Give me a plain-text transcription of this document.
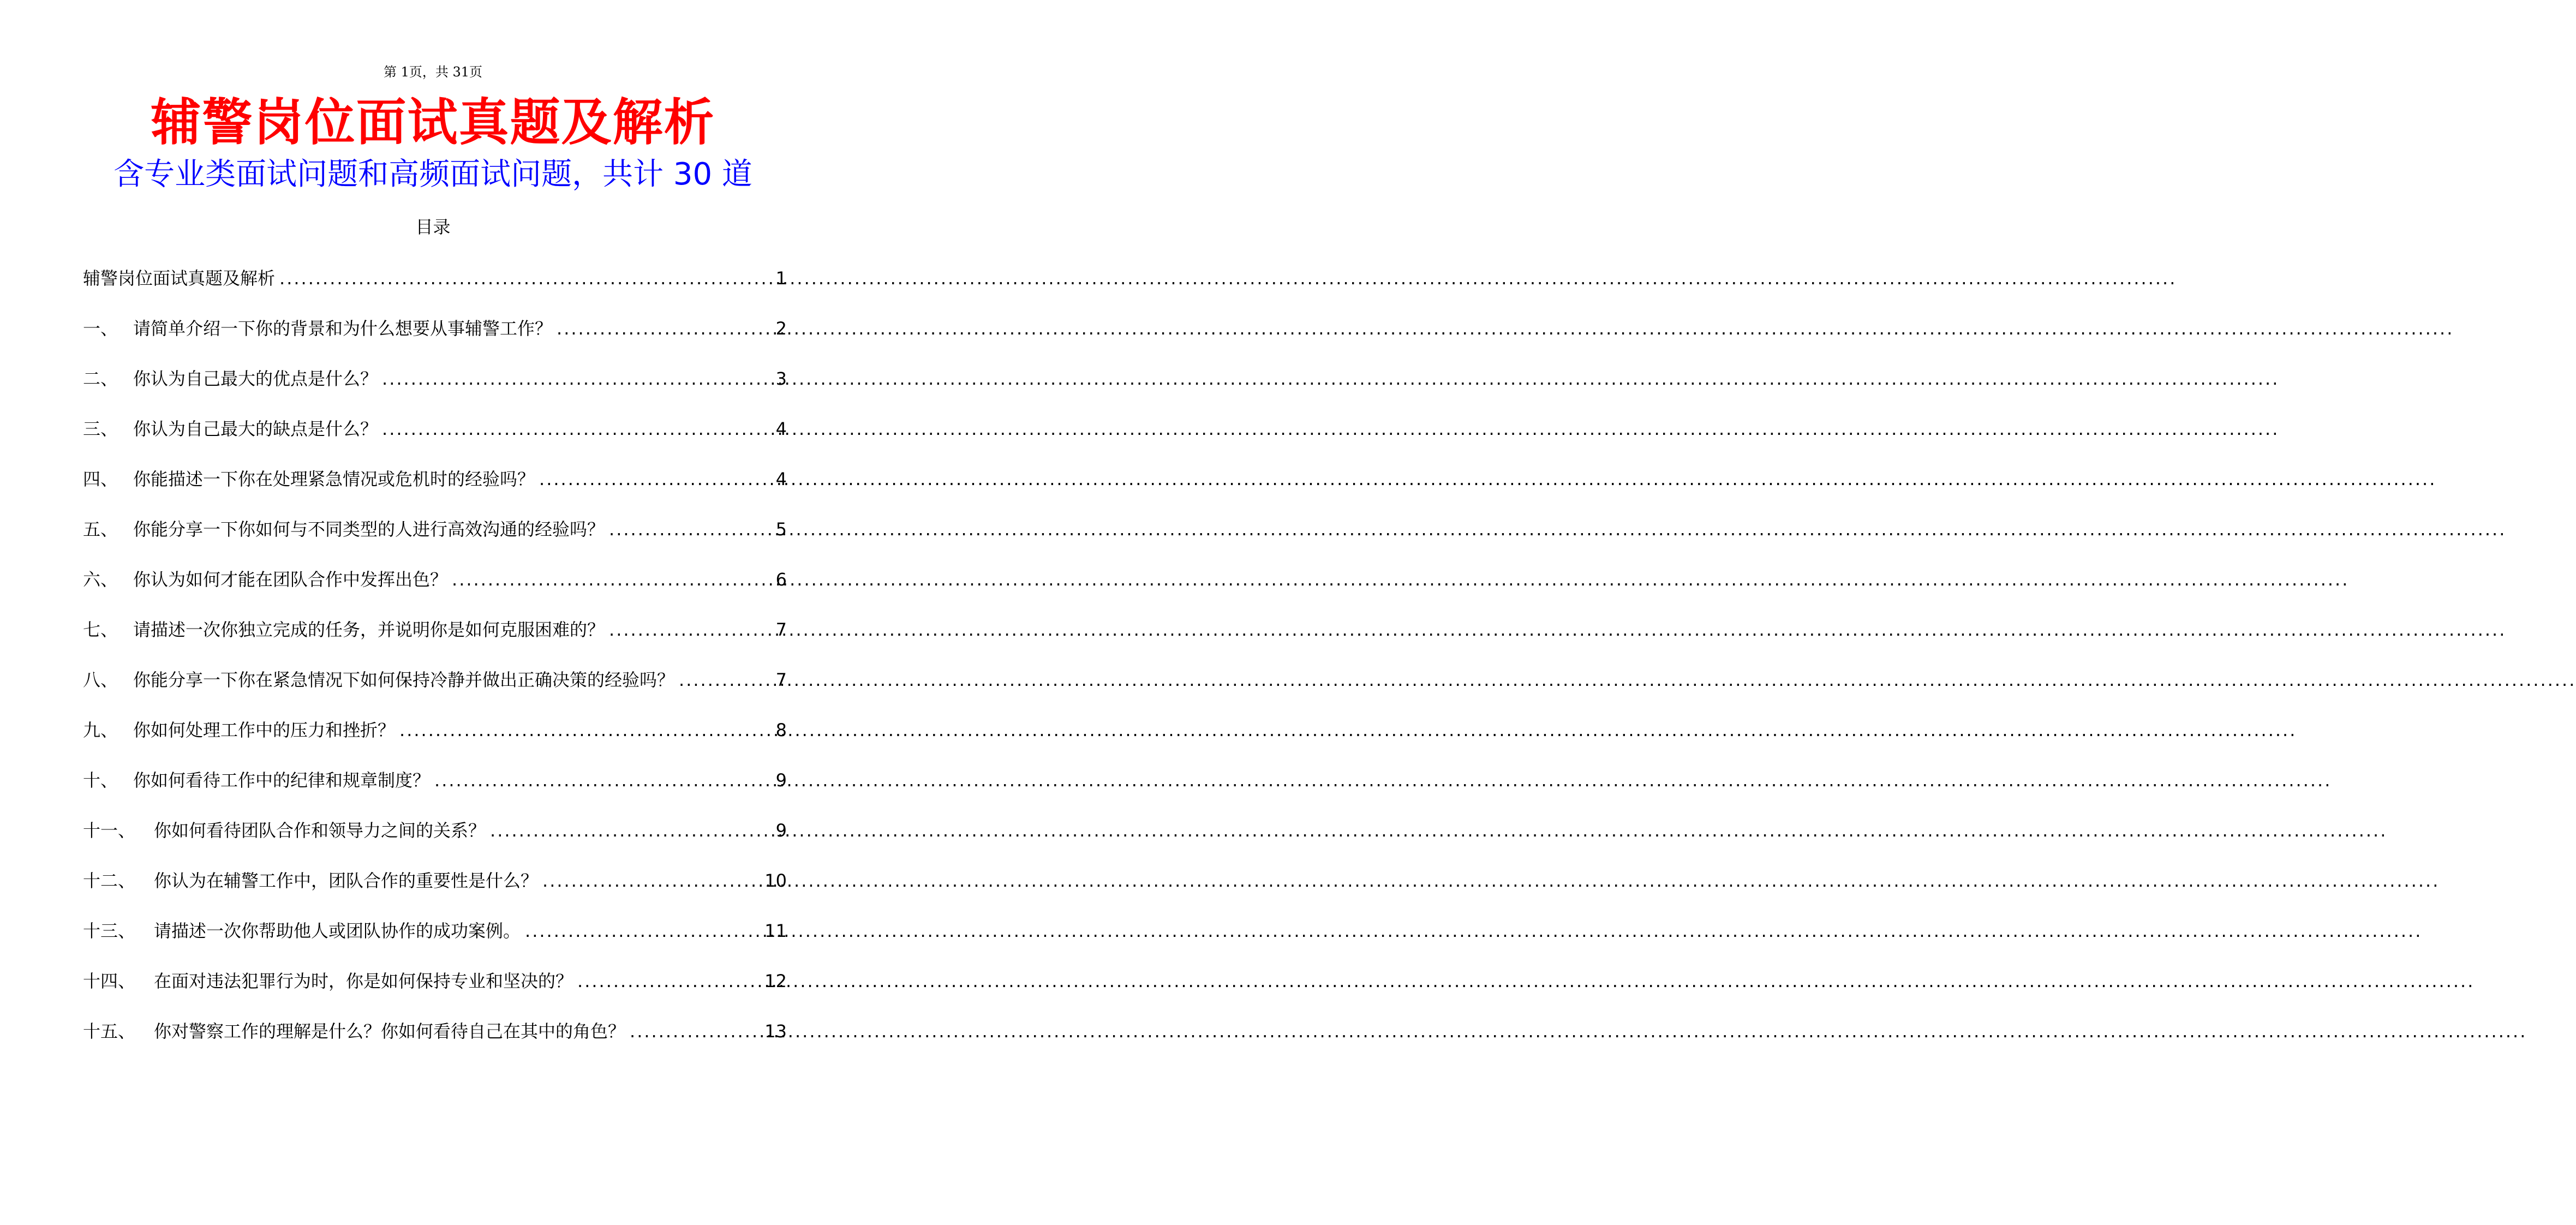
第 1页，共 31页
辅警岗位面试真题及解析
含专业类面试问题和高频面试问题，共计 30 道
目录
辅警岗位面试真题及解析 .....	1
一、 请简单介绍一下你的背景和为什么想要从事辅警工作？ .....	2
二、 你认为自己最大的优点是什么？ .....	3
三、 你认为自己最大的缺点是什么？ .....	4
四、 你能描述一下你在处理紧急情况或危机时的经验吗？ .....	4
五、 你能分享一下你如何与不同类型的人进行高效沟通的经验吗？ .....	5
六、 你认为如何才能在团队合作中发挥出色？ .....	6
七、 请描述一次你独立完成的任务，并说明你是如何克服困难的？ .....	7
八、 你能分享一下你在紧急情况下如何保持冷静并做出正确决策的经验吗？ .....	7
九、 你如何处理工作中的压力和挫折？ .....	8
十、 你如何看待工作中的纪律和规章制度？ .....	9
十一、	你如何看待团队合作和领导力之间的关系？ .....	9
十二、	你认为在辅警工作中，团队合作的重要性是什么？ .....	10
十三、	请描述一次你帮助他人或团队协作的成功案例。 .....	11
十四、	在面对违法犯罪行为时，你是如何保持专业和坚决的？ .....	12
十五、	你对警察工作的理解是什么？你如何看待自己在其中的角色？ .....	13
